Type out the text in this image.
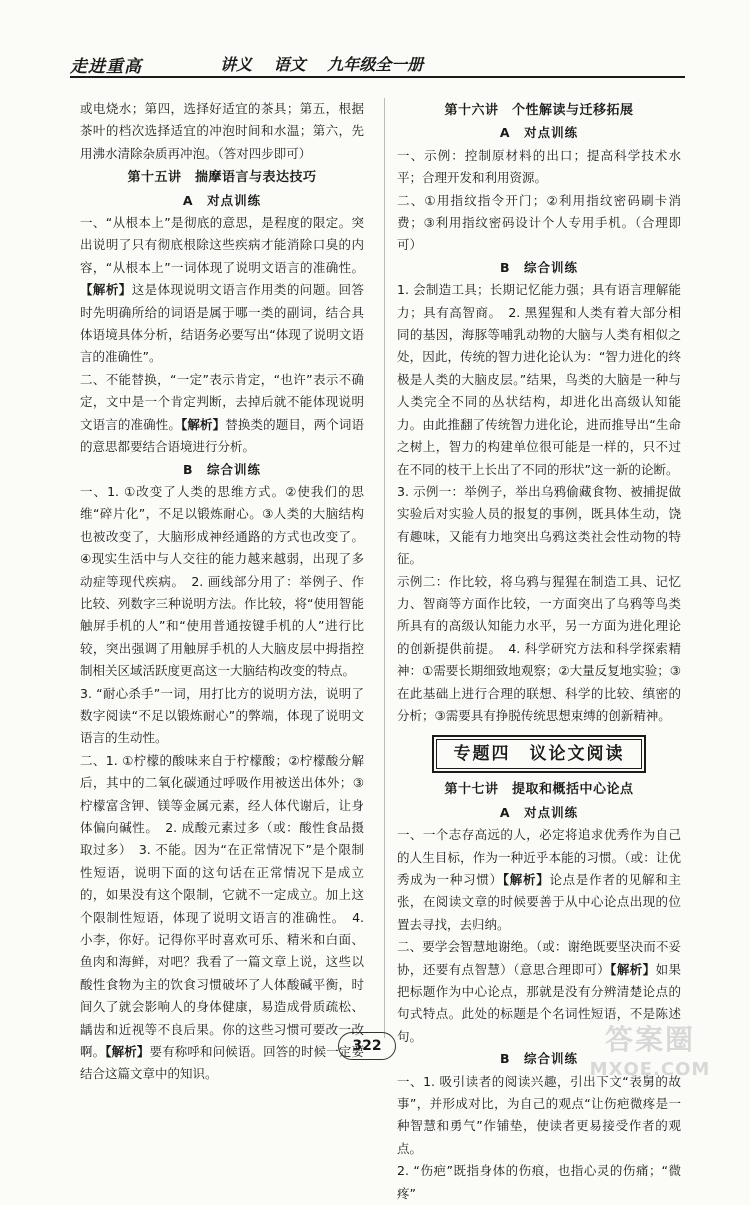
走进重高	讲义 语文 九年级全一册

或电烧水；第四，选择好适宜的茶具；第五，根据茶叶的档次选择适宜的冲泡时间和水温；第六，先用沸水清除杂质再冲泡。（答对四步即可）

第十五讲　揣摩语言与表达技巧
A　对点训练

一、“从根本上”是彻底的意思，是程度的限定。突出说明了只有彻底根除这些疾病才能消除口臭的内容，“从根本上”一词体现了说明文语言的准确性。【解析】这是体现说明文语言作用类的问题。回答时先明确所给的词语是属于哪一类的副词，结合具体语境具体分析，结语务必要写出“体现了说明文语言的准确性”。

二、不能替换，“一定”表示肯定，“也许”表示不确定，文中是一个肯定判断，去掉后就不能体现说明文语言的准确性。【解析】替换类的题目，两个词语的意思都要结合语境进行分析。

B　综合训练

一、1. ①改变了人类的思维方式。②使我们的思维“碎片化”，不足以锻炼耐心。③人类的大脑结构也被改变了，大脑形成神经通路的方式也改变了。④现实生活中与人交往的能力越来越弱，出现了多动症等现代疾病。　2. 画线部分用了：举例子、作比较、列数字三种说明方法。作比较，将“使用智能触屏手机的人”和“使用普通按键手机的人”进行比较，突出强调了用触屏手机的人大脑皮层中拇指控制相关区域活跃度更高这一大脑结构改变的特点。

3. “耐心杀手”一词，用打比方的说明方法，说明了数字阅读“不足以锻炼耐心”的弊端，体现了说明文语言的生动性。

二、1. ①柠檬的酸味来自于柠檬酸；②柠檬酸分解后，其中的二氧化碳通过呼吸作用被送出体外；③柠檬富含钾、镁等金属元素，经人体代谢后，让身体偏向碱性。　2. 成酸元素过多（或：酸性食品摄取过多）　3. 不能。因为“在正常情况下”是个限制性短语，说明下面的这句话在正常情况下是成立的，如果没有这个限制，它就不一定成立。加上这个限制性短语，体现了说明文语言的准确性。　4. 小李，你好。记得你平时喜欢可乐、精米和白面、鱼肉和海鲜，对吧？我看了一篇文章上说，这些以酸性食物为主的饮食习惯破坏了人体酸碱平衡，时间久了就会影响人的身体健康，易造成骨质疏松、龋齿和近视等不良后果。你的这些习惯可要改一改啊。【解析】要有称呼和问候语。回答的时候一定要结合这篇文章中的知识。

第十六讲　个性解读与迁移拓展
A　对点训练

一、示例：控制原材料的出口；提高科学技术水平；合理开发和利用资源。

二、①用指纹指令开门；②利用指纹密码刷卡消费；③利用指纹密码设计个人专用手机。（合理即可）

B　综合训练

1. 会制造工具；长期记忆能力强；具有语言理解能力；具有高智商。　2. 黑猩猩和人类有着大部分相同的基因，海豚等哺乳动物的大脑与人类有相似之处，因此，传统的智力进化论认为：“智力进化的终极是人类的大脑皮层。”结果，鸟类的大脑是一种与人类完全不同的丛状结构，却进化出高级认知能力。由此推翻了传统智力进化论，进而推导出“生命之树上，智力的构建单位很可能是一样的，只不过在不同的枝干上长出了不同的形状”这一新的论断。

3. 示例一：举例子，举出乌鸦偷藏食物、被捕捉做实验后对实验人员的报复的事例，既具体生动，饶有趣味，又能有力地突出乌鸦这类社会性动物的特征。

示例二：作比较，将乌鸦与猩猩在制造工具、记忆力、智商等方面作比较，一方面突出了乌鸦等鸟类所具有的高级认知能力水平，另一方面为进化理论的创新提供前提。　4. 科学研究方法和科学探索精神：①需要长期细致地观察；②大量反复地实验；③在此基础上进行合理的联想、科学的比较、缜密的分析；③需要具有挣脱传统思想束缚的创新精神。

专题四　议论文阅读
第十七讲　提取和概括中心论点
A　对点训练

一、一个志存高远的人，必定将追求优秀作为自己的人生目标，作为一种近乎本能的习惯。（或：让优秀成为一种习惯）【解析】论点是作者的见解和主张，在阅读文章的时候要善于从中心论点出现的位置去寻找，去归纳。

二、要学会智慧地谢绝。（或：谢绝既要坚决而不妥协，还要有点智慧）（意思合理即可）【解析】如果把标题作为中心论点，那就是没有分辨清楚论点的句式特点。此处的标题是个名词性短语，不是陈述句。

B　综合训练

一、1. 吸引读者的阅读兴趣，引出下文“表舅的故事”，并形成对比，为自己的观点“让伤疤微疼是一种智慧和勇气”作铺垫，使读者更易接受作者的观点。

2. “伤疤”既指身体的伤痕，也指心灵的伤痛；“微疼”

322	答案圈
MXQE.COM
